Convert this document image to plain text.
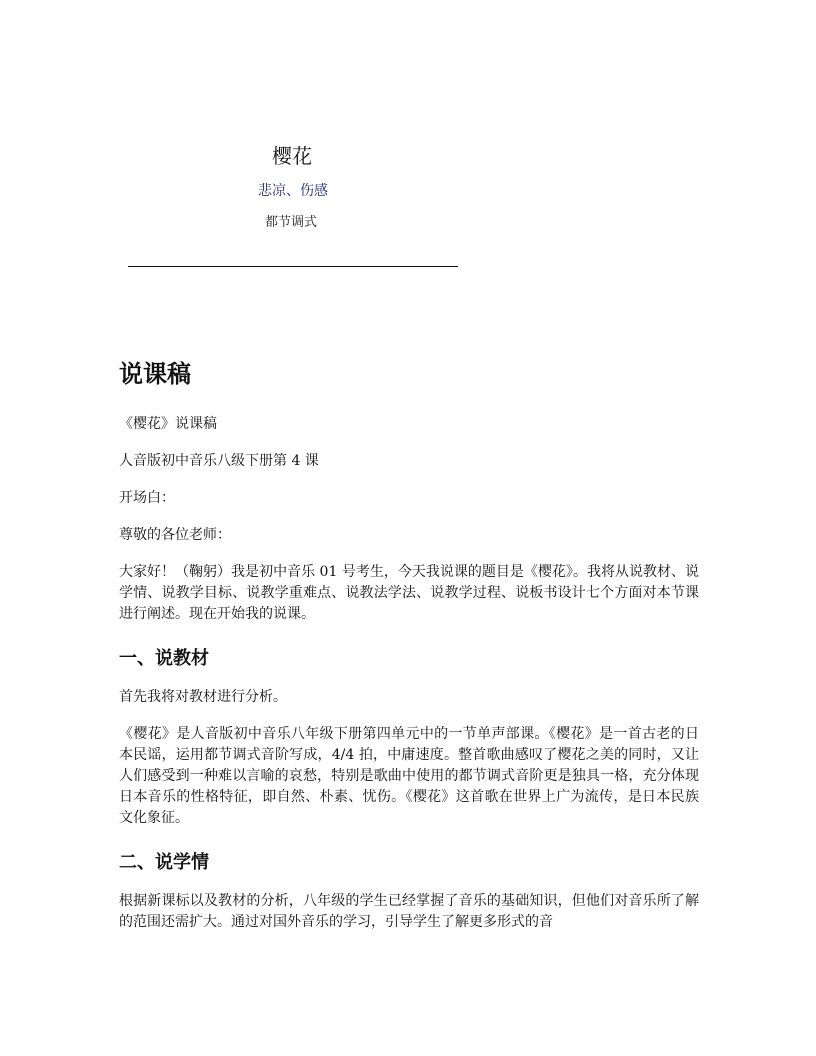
樱花
悲凉、伤感
都节调式
说课稿

《樱花》说课稿

人音版初中音乐八级下册第 4 课

开场白：

尊敬的各位老师：

大家好！（鞠躬）我是初中音乐 01 号考生，今天我说课的题目是《樱花》。我将从说教材、说学情、说教学目标、说教学重难点、说教法学法、说教学过程、说板书设计七个方面对本节课进行阐述。现在开始我的说课。

一、说教材

首先我将对教材进行分析。

《樱花》是人音版初中音乐八年级下册第四单元中的一节单声部课。《樱花》是一首古老的日本民谣，运用都节调式音阶写成，4/4 拍，中庸速度。整首歌曲感叹了樱花之美的同时，又让人们感受到一种难以言喻的哀愁，特别是歌曲中使用的都节调式音阶更是独具一格，充分体现日本音乐的性格特征，即自然、朴素、忧伤。《樱花》这首歌在世界上广为流传，是日本民族文化象征。

二、说学情

根据新课标以及教材的分析，八年级的学生已经掌握了音乐的基础知识，但他们对音乐所了解的范围还需扩大。通过对国外音乐的学习，引导学生了解更多形式的音
